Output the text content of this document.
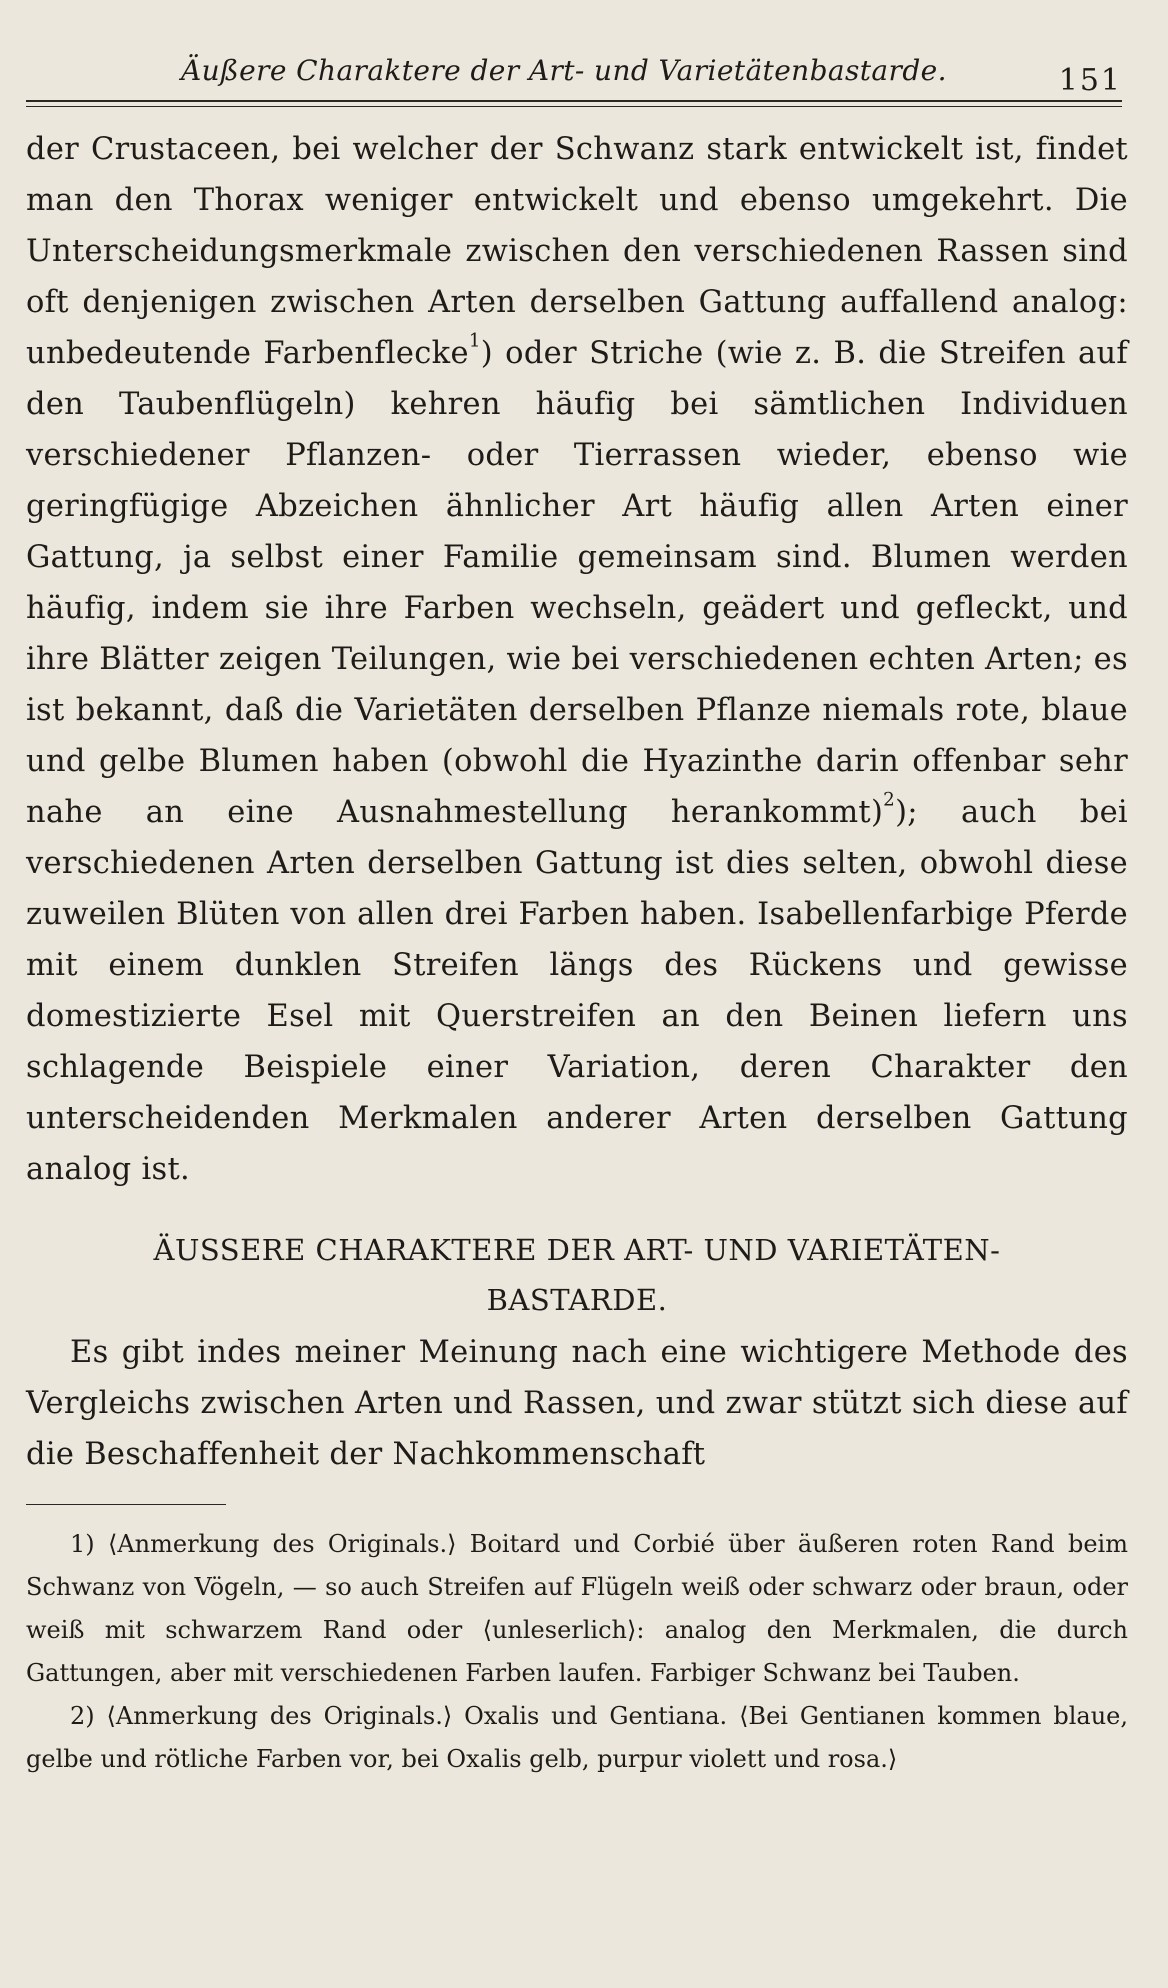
Äußere Charaktere der Art- und Varietätenbastarde.	151

der Crustaceen, bei welcher der Schwanz stark entwickelt ist, findet man den Thorax weniger entwickelt und ebenso umgekehrt. Die Unterscheidungsmerkmale zwischen den verschiedenen Rassen sind oft denjenigen zwischen Arten derselben Gattung auffallend analog: unbedeutende Farbenflecke$^1$) oder Striche (wie z. B. die Streifen auf den Taubenflügeln) kehren häufig bei sämtlichen Individuen verschiedener Pflanzen- oder Tierrassen wieder, ebenso wie geringfügige Abzeichen ähnlicher Art häufig allen Arten einer Gattung, ja selbst einer Familie gemeinsam sind. Blumen werden häufig, indem sie ihre Farben wechseln, geädert und gefleckt, und ihre Blätter zeigen Teilungen, wie bei verschiedenen echten Arten; es ist bekannt, daß die Varietäten derselben Pflanze niemals rote, blaue und gelbe Blumen haben (obwohl die Hyazinthe darin offenbar sehr nahe an eine Ausnahmestellung herankommt)$^2$); auch bei verschiedenen Arten derselben Gattung ist dies selten, obwohl diese zuweilen Blüten von allen drei Farben haben. Isabellenfarbige Pferde mit einem dunklen Streifen längs des Rückens und gewisse domestizierte Esel mit Querstreifen an den Beinen liefern uns schlagende Beispiele einer Variation, deren Charakter den unterscheidenden Merkmalen anderer Arten derselben Gattung analog ist.

ÄUSSERE CHARAKTERE DER ART- UND VARIETÄTEN-
BASTARDE.

Es gibt indes meiner Meinung nach eine wichtigere Methode des Vergleichs zwischen Arten und Rassen, und zwar stützt sich diese auf die Beschaffenheit der Nachkommenschaft

1) ⟨Anmerkung des Originals.⟩ Boitard und Corbié über äußeren roten Rand beim Schwanz von Vögeln, — so auch Streifen auf Flügeln weiß oder schwarz oder braun, oder weiß mit schwarzem Rand oder ⟨unleserlich⟩: analog den Merkmalen, die durch Gattungen, aber mit verschiedenen Farben laufen. Farbiger Schwanz bei Tauben.

2) ⟨Anmerkung des Originals.⟩ Oxalis und Gentiana. ⟨Bei Gentianen kommen blaue, gelbe und rötliche Farben vor, bei Oxalis gelb, purpur violett und rosa.⟩
